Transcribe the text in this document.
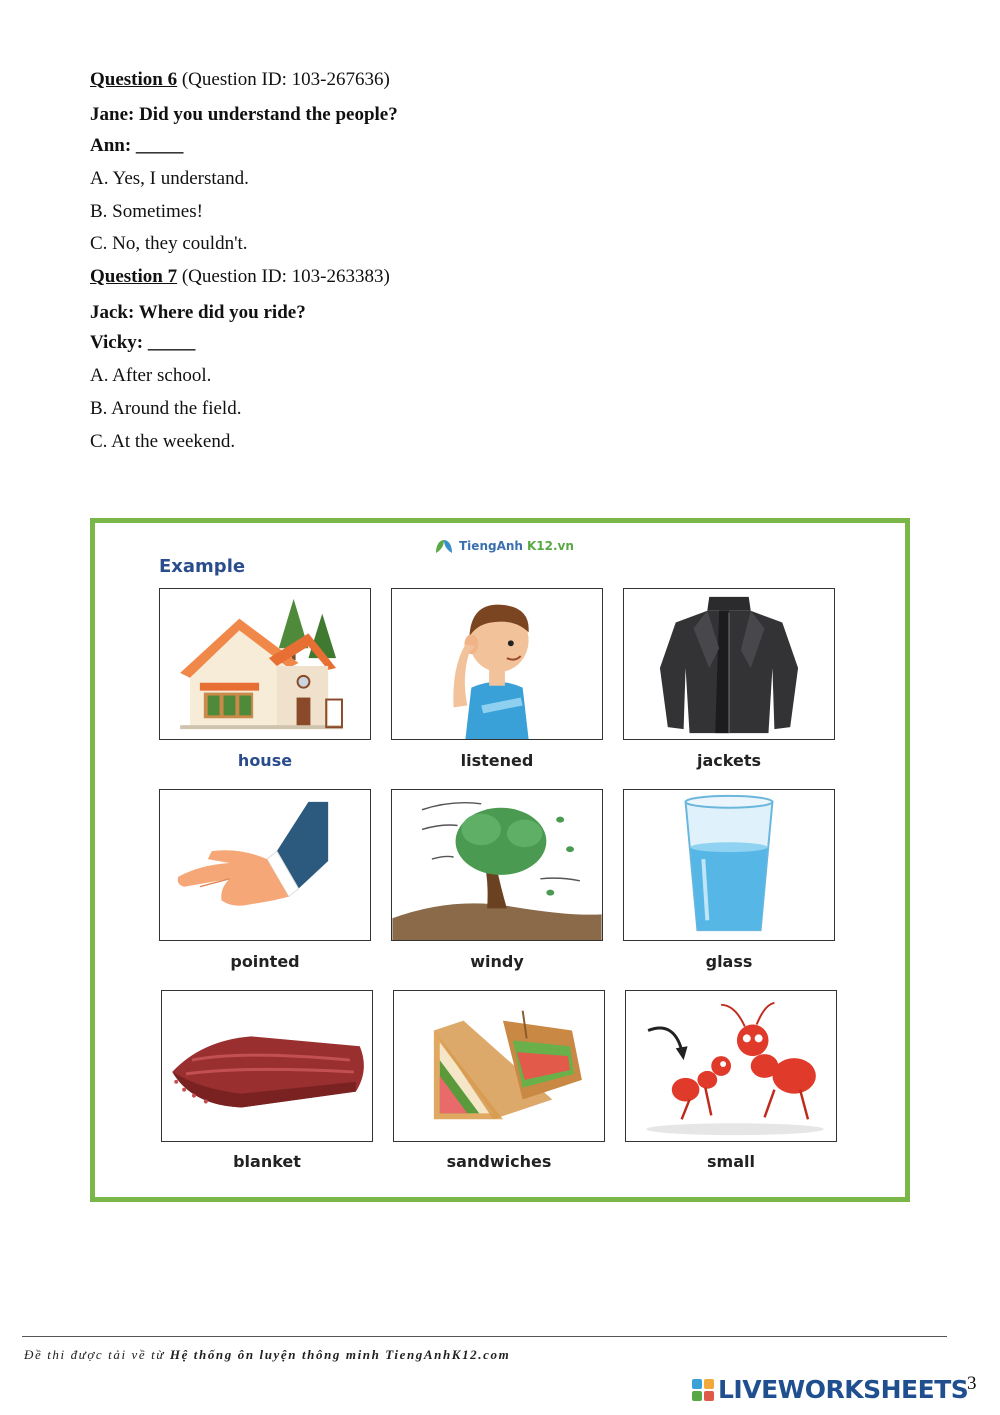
Question 6 (Question ID: 103-267636)
Jane: Did you understand the people?
Ann: _____
A. Yes, I understand.
B. Sometimes!
C. No, they couldn't.
Question 7 (Question ID: 103-263383)
Jack: Where did you ride?
Vicky: _____
A. After school.
B. Around the field.
C. At the weekend.
TiengAnh K12.vn
Example
house	listened	jackets
pointed	windy	glass
blanket	sandwiches	small
Đề thi được tải về từ Hệ thống ôn luyện thông minh TiengAnhK12.com
LIVEWORKSHEETS
3
